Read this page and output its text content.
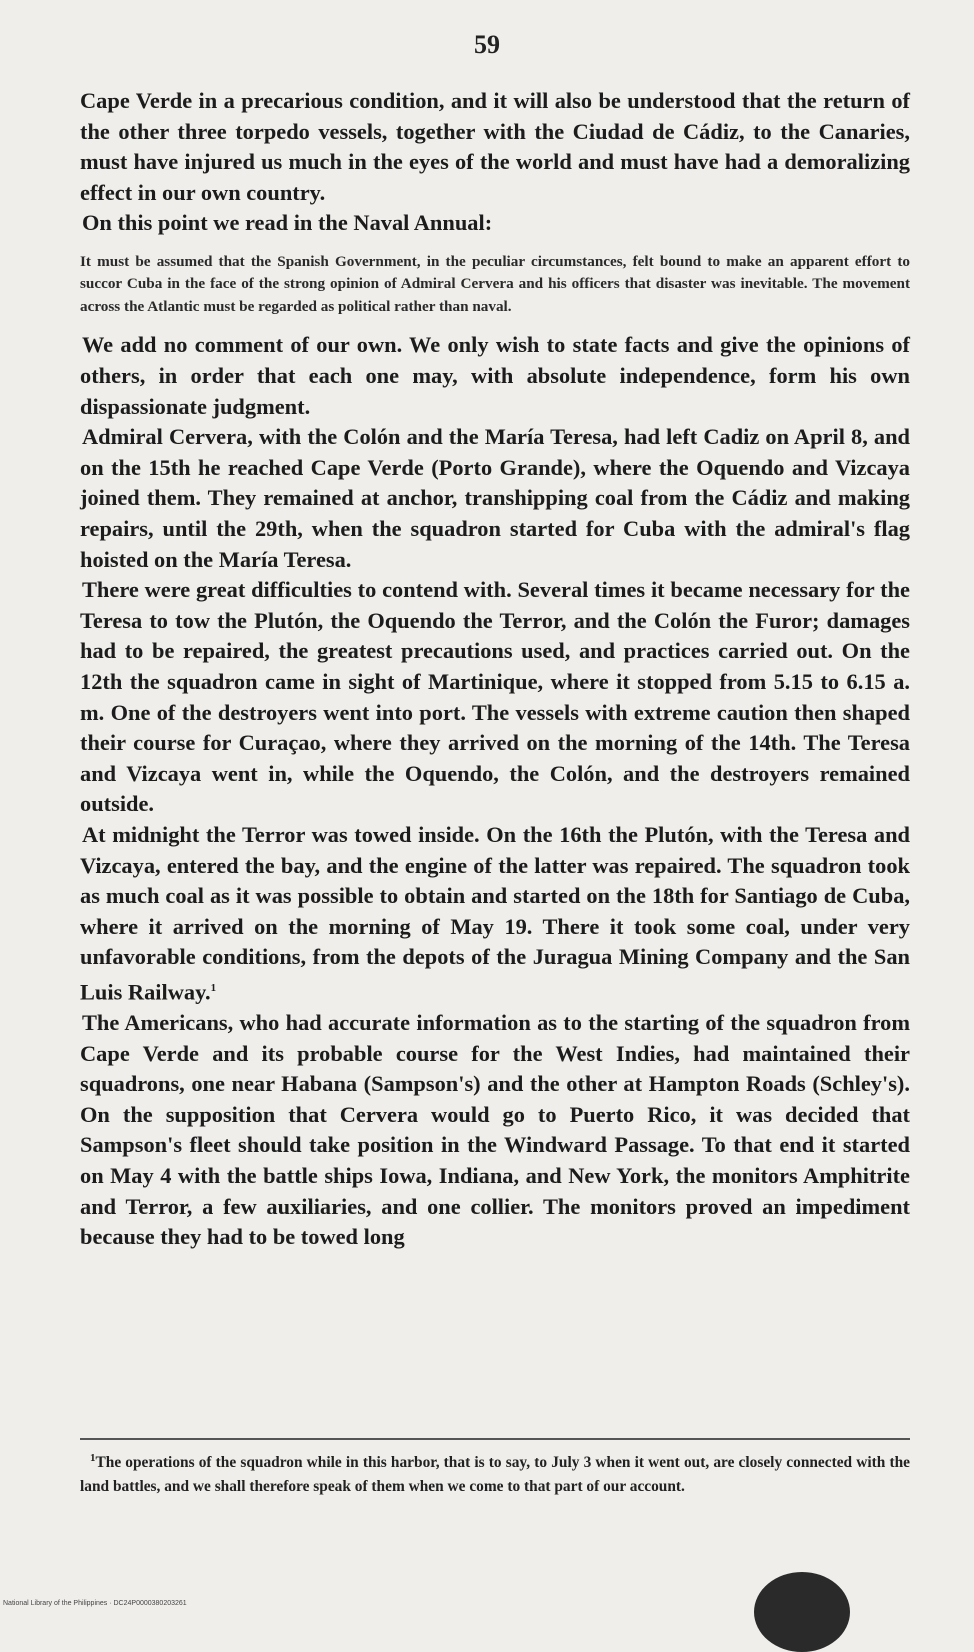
59

Cape Verde in a precarious condition, and it will also be understood that the return of the other three torpedo vessels, together with the Ciudad de Cádiz, to the Canaries, must have injured us much in the eyes of the world and must have had a demoralizing effect in our own country.

On this point we read in the Naval Annual:

It must be assumed that the Spanish Government, in the peculiar circumstances, felt bound to make an apparent effort to succor Cuba in the face of the strong opinion of Admiral Cervera and his officers that disaster was inevitable. The movement across the Atlantic must be regarded as political rather than naval.

We add no comment of our own. We only wish to state facts and give the opinions of others, in order that each one may, with absolute independence, form his own dispassionate judgment.

Admiral Cervera, with the Colón and the María Teresa, had left Cadiz on April 8, and on the 15th he reached Cape Verde (Porto Grande), where the Oquendo and Vizcaya joined them. They remained at anchor, transhipping coal from the Cádiz and making repairs, until the 29th, when the squadron started for Cuba with the admiral's flag hoisted on the María Teresa.

There were great difficulties to contend with. Several times it became necessary for the Teresa to tow the Plutón, the Oquendo the Terror, and the Colón the Furor; damages had to be repaired, the greatest precautions used, and practices carried out. On the 12th the squadron came in sight of Martinique, where it stopped from 5.15 to 6.15 a. m. One of the destroyers went into port. The vessels with extreme caution then shaped their course for Curaçao, where they arrived on the morning of the 14th. The Teresa and Vizcaya went in, while the Oquendo, the Colón, and the destroyers remained outside.

At midnight the Terror was towed inside. On the 16th the Plutón, with the Teresa and Vizcaya, entered the bay, and the engine of the latter was repaired. The squadron took as much coal as it was possible to obtain and started on the 18th for Santiago de Cuba, where it arrived on the morning of May 19. There it took some coal, under very unfavorable conditions, from the depots of the Juragua Mining Company and the San Luis Railway.$^1$

The Americans, who had accurate information as to the starting of the squadron from Cape Verde and its probable course for the West Indies, had maintained their squadrons, one near Habana (Sampson's) and the other at Hampton Roads (Schley's). On the supposition that Cervera would go to Puerto Rico, it was decided that Sampson's fleet should take position in the Windward Passage. To that end it started on May 4 with the battle ships Iowa, Indiana, and New York, the monitors Amphitrite and Terror, a few auxiliaries, and one collier. The monitors proved an impediment because they had to be towed long

$^1$The operations of the squadron while in this harbor, that is to say, to July 3 when it went out, are closely connected with the land battles, and we shall therefore speak of them when we come to that part of our account.

National Library of the Philippines · DC24P0000380203261
